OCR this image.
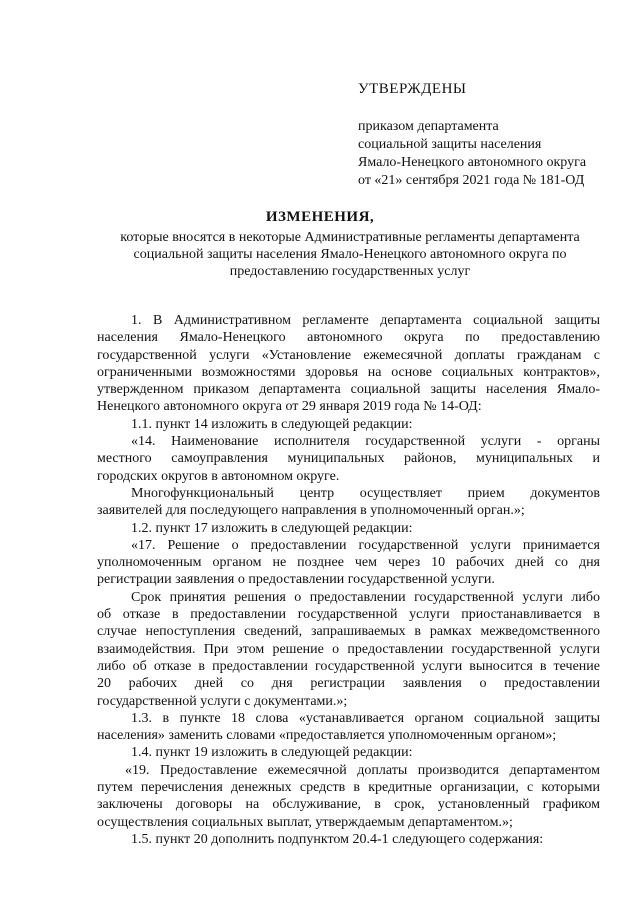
УТВЕРЖДЕНЫ
приказом департамента
социальной защиты населения
Ямало-Ненецкого автономного округа
от «21» сентября 2021 года № 181-ОД
ИЗМЕНЕНИЯ,
которые вносятся в некоторые Административные регламенты департамента
социальной защиты населения Ямало-Ненецкого автономного округа по
предоставлению государственных услуг
1. В Административном регламенте департамента социальной защиты
населения Ямало-Ненецкого автономного округа по предоставлению
государственной услуги «Установление ежемесячной доплаты гражданам с
ограниченными возможностями здоровья на основе социальных контрактов»,
утвержденном приказом департамента социальной защиты населения Ямало-
Ненецкого автономного округа от 29 января 2019 года № 14-ОД:
1.1. пункт 14 изложить в следующей редакции:
«14. Наименование исполнителя государственной услуги - органы
местного самоуправления муниципальных районов, муниципальных и
городских округов в автономном округе.
Многофункциональный центр осуществляет прием документов
заявителей для последующего направления в уполномоченный орган.»;
1.2. пункт 17 изложить в следующей редакции:
«17. Решение о предоставлении государственной услуги принимается
уполномоченным органом не позднее чем через 10 рабочих дней со дня
регистрации заявления о предоставлении государственной услуги.
Срок принятия решения о предоставлении государственной услуги либо
об отказе в предоставлении государственной услуги приостанавливается в
случае непоступления сведений, запрашиваемых в рамках межведомственного
взаимодействия. При этом решение о предоставлении государственной услуги
либо об отказе в предоставлении государственной услуги выносится в течение
20 рабочих дней со дня регистрации заявления о предоставлении
государственной услуги с документами.»;
1.3. в пункте 18 слова «устанавливается органом социальной защиты
населения» заменить словами «предоставляется уполномоченным органом»;
1.4. пункт 19 изложить в следующей редакции:
«19. Предоставление ежемесячной доплаты производится департаментом
путем перечисления денежных средств в кредитные организации, с которыми
заключены договоры на обслуживание, в срок, установленный графиком
осуществления социальных выплат, утверждаемым департаментом.»;
1.5. пункт 20 дополнить подпунктом 20.4-1 следующего содержания:
